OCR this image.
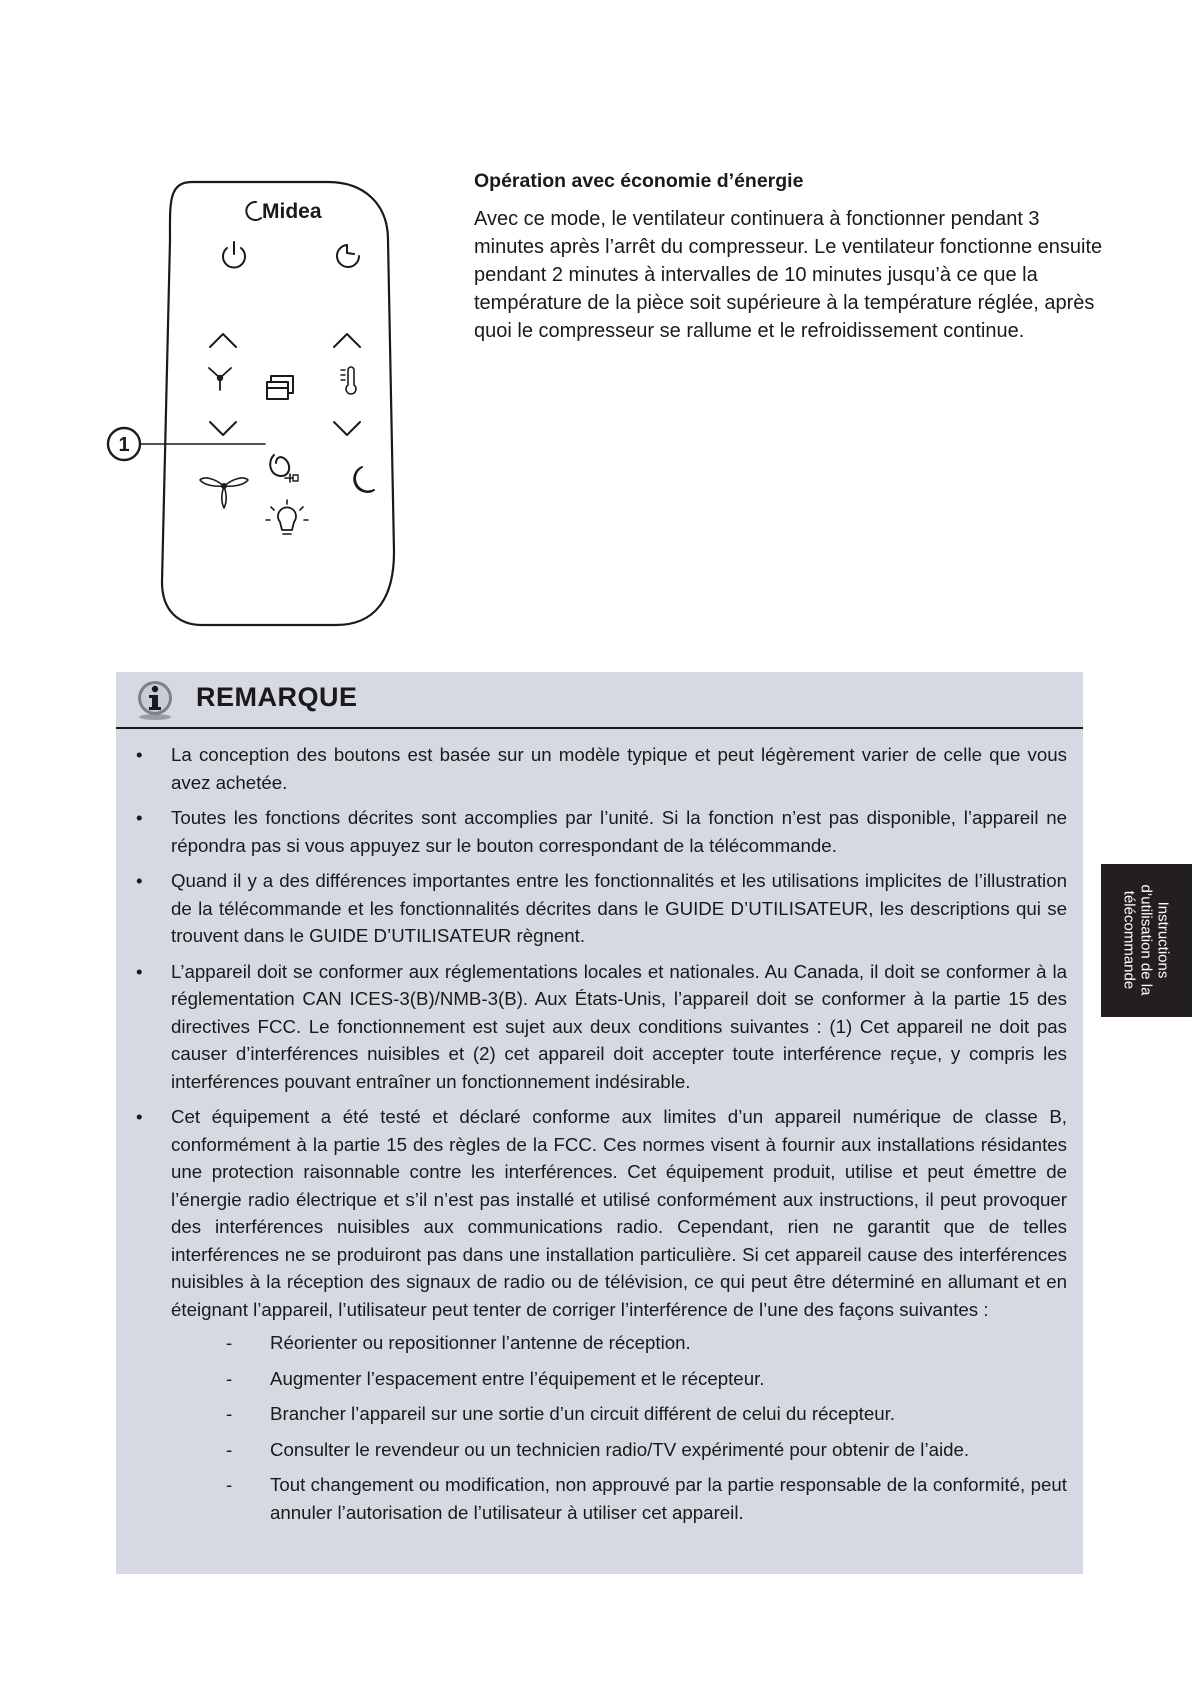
Midea
1
Opération avec économie d’énergie

Avec ce mode, le ventilateur continuera à fonctionner pendant 3 minutes après l’arrêt du compresseur. Le ventilateur fonctionne ensuite pendant 2 minutes à intervalles de 10 minutes jusqu’à ce que la température de la pièce soit supérieure à la température réglée, après quoi le compresseur se rallume et le refroidissement continue.

REMARQUE
• La conception des boutons est basée sur un modèle typique et peut légèrement varier de celle que vous avez achetée.
• Toutes les fonctions décrites sont accomplies par l’unité. Si la fonction n’est pas disponible, l’appareil ne répondra pas si vous appuyez sur le bouton correspondant de la télécommande.
• Quand il y a des différences importantes entre les fonctionnalités et les utilisations implicites de l’illustration de la télécommande et les fonctionnalités décrites dans le GUIDE D’UTILISATEUR, les descriptions qui se trouvent dans le GUIDE D’UTILISATEUR règnent.
• L’appareil doit se conformer aux réglementations locales et nationales. Au Canada, il doit se conformer à la réglementation CAN ICES-3(B)/NMB-3(B). Aux États-Unis, l’appareil doit se conformer à la partie 15 des directives FCC. Le fonctionnement est sujet aux deux conditions suivantes : (1) Cet appareil ne doit pas causer d’interférences nuisibles et (2) cet appareil doit accepter toute interférence reçue, y compris les interférences pouvant entraîner un fonctionnement indésirable.
• Cet équipement a été testé et déclaré conforme aux limites d’un appareil numérique de classe B, conformément à la partie 15 des règles de la FCC. Ces normes visent à fournir aux installations résidantes une protection raisonnable contre les interférences. Cet équipement produit, utilise et peut émettre de l’énergie radio électrique et s’il n’est pas installé et utilisé conformément aux instructions, il peut provoquer des interférences nuisibles aux communications radio. Cependant, rien ne garantit que de telles interférences ne se produiront pas dans une installation particulière. Si cet appareil cause des interférences nuisibles à la réception des signaux de radio ou de télévision, ce qui peut être déterminé en allumant et en éteignant l’appareil, l’utilisateur peut tenter de corriger l’interférence de l’une des façons suivantes :
- Réorienter ou repositionner l’antenne de réception.
- Augmenter l’espacement entre l’équipement et le récepteur.
- Brancher l’appareil sur une sortie d’un circuit différent de celui du récepteur.
- Consulter le revendeur ou un technicien radio/TV expérimenté pour obtenir de l’aide.
- Tout changement ou modification, non approuvé par la partie responsable de la conformité, peut annuler l’autorisation de l’utilisateur à utiliser cet appareil.
Instructions
d’utilisation de la
télécommande
